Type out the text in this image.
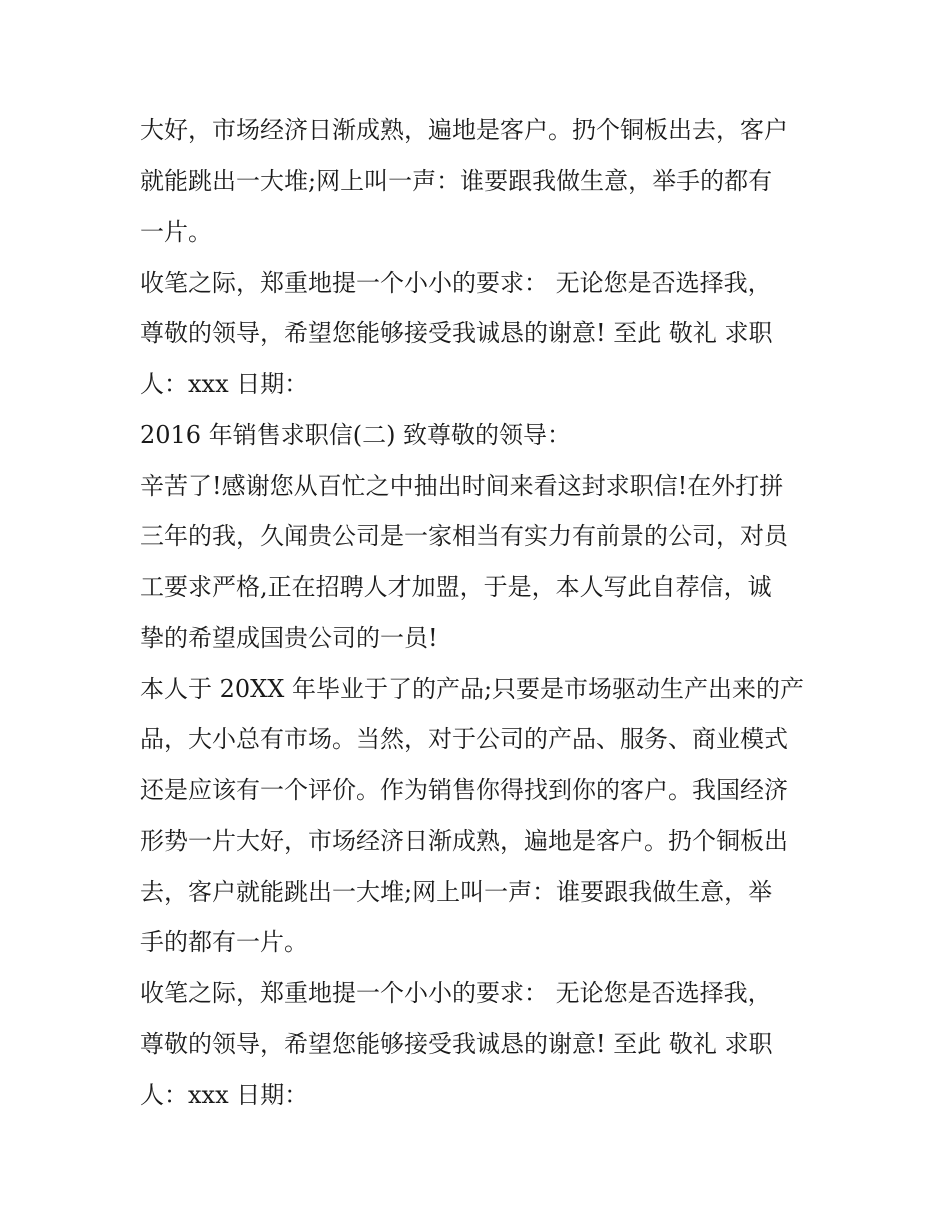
大好，市场经济日渐成熟，遍地是客户。扔个铜板出去，客户
就能跳出一大堆;网上叫一声：谁要跟我做生意，举手的都有
一片。
收笔之际，郑重地提一个小小的要求： 无论您是否选择我，
尊敬的领导，希望您能够接受我诚恳的谢意! 至此 敬礼 求职
人：xxx 日期：
2016 年销售求职信(二) 致尊敬的领导：
辛苦了!感谢您从百忙之中抽出时间来看这封求职信!在外打拼
三年的我，久闻贵公司是一家相当有实力有前景的公司，对员
工要求严格,正在招聘人才加盟，于是，本人写此自荐信，诚
挚的希望成国贵公司的一员!
本人于 20XX 年毕业于了的产品;只要是市场驱动生产出来的产
品，大小总有市场。当然，对于公司的产品、服务、商业模式
还是应该有一个评价。作为销售你得找到你的客户。我国经济
形势一片大好，市场经济日渐成熟，遍地是客户。扔个铜板出
去，客户就能跳出一大堆;网上叫一声：谁要跟我做生意，举
手的都有一片。
收笔之际，郑重地提一个小小的要求： 无论您是否选择我，
尊敬的领导，希望您能够接受我诚恳的谢意! 至此 敬礼 求职
人：xxx 日期：
